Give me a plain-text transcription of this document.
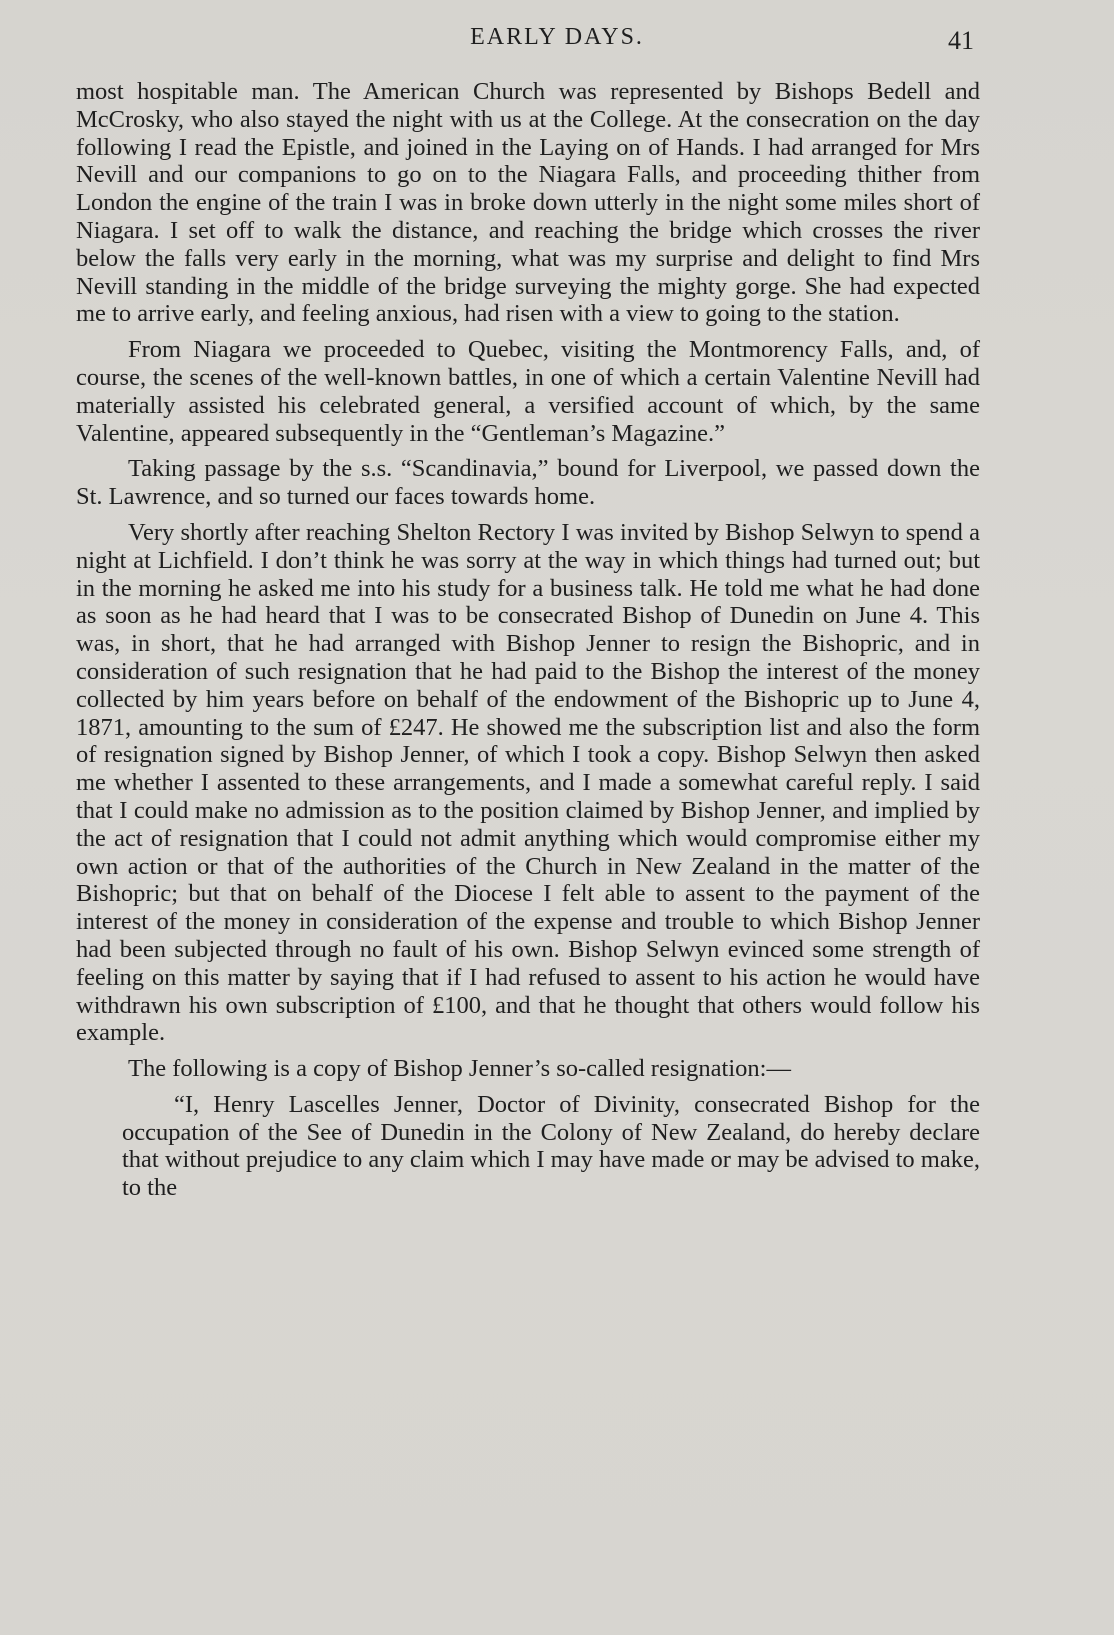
EARLY DAYS.	41

most hospitable man. The American Church was represented by Bishops Bedell and McCrosky, who also stayed the night with us at the College. At the consecration on the day following I read the Epistle, and joined in the Laying on of Hands. I had arranged for Mrs Nevill and our companions to go on to the Niagara Falls, and proceeding thither from London the engine of the train I was in broke down utterly in the night some miles short of Niagara. I set off to walk the distance, and reaching the bridge which crosses the river below the falls very early in the morning, what was my surprise and delight to find Mrs Nevill standing in the middle of the bridge surveying the mighty gorge. She had expected me to arrive early, and feeling anxious, had risen with a view to going to the station.

From Niagara we proceeded to Quebec, visiting the Montmorency Falls, and, of course, the scenes of the well-known battles, in one of which a certain Valentine Nevill had materially assisted his celebrated general, a versified account of which, by the same Valentine, appeared subsequently in the “Gentleman’s Magazine.”

Taking passage by the s.s. “Scandinavia,” bound for Liverpool, we passed down the St. Lawrence, and so turned our faces towards home.

Very shortly after reaching Shelton Rectory I was invited by Bishop Selwyn to spend a night at Lichfield. I don’t think he was sorry at the way in which things had turned out; but in the morning he asked me into his study for a business talk. He told me what he had done as soon as he had heard that I was to be consecrated Bishop of Dunedin on June 4. This was, in short, that he had arranged with Bishop Jenner to resign the Bishopric, and in consideration of such resignation that he had paid to the Bishop the interest of the money collected by him years before on behalf of the endowment of the Bishopric up to June 4, 1871, amounting to the sum of £247. He showed me the subscription list and also the form of resignation signed by Bishop Jenner, of which I took a copy. Bishop Selwyn then asked me whether I assented to these arrangements, and I made a somewhat careful reply. I said that I could make no admission as to the position claimed by Bishop Jenner, and implied by the act of resignation that I could not admit anything which would compromise either my own action or that of the authorities of the Church in New Zealand in the matter of the Bishopric; but that on behalf of the Diocese I felt able to assent to the payment of the interest of the money in consideration of the expense and trouble to which Bishop Jenner had been subjected through no fault of his own. Bishop Selwyn evinced some strength of feeling on this matter by saying that if I had refused to assent to his action he would have withdrawn his own subscription of £100, and that he thought that others would follow his example.

The following is a copy of Bishop Jenner’s so-called resignation:—

“I, Henry Lascelles Jenner, Doctor of Divinity, consecrated Bishop for the occupation of the See of Dunedin in the Colony of New Zealand, do hereby declare that without prejudice to any claim which I may have made or may be advised to make, to the
